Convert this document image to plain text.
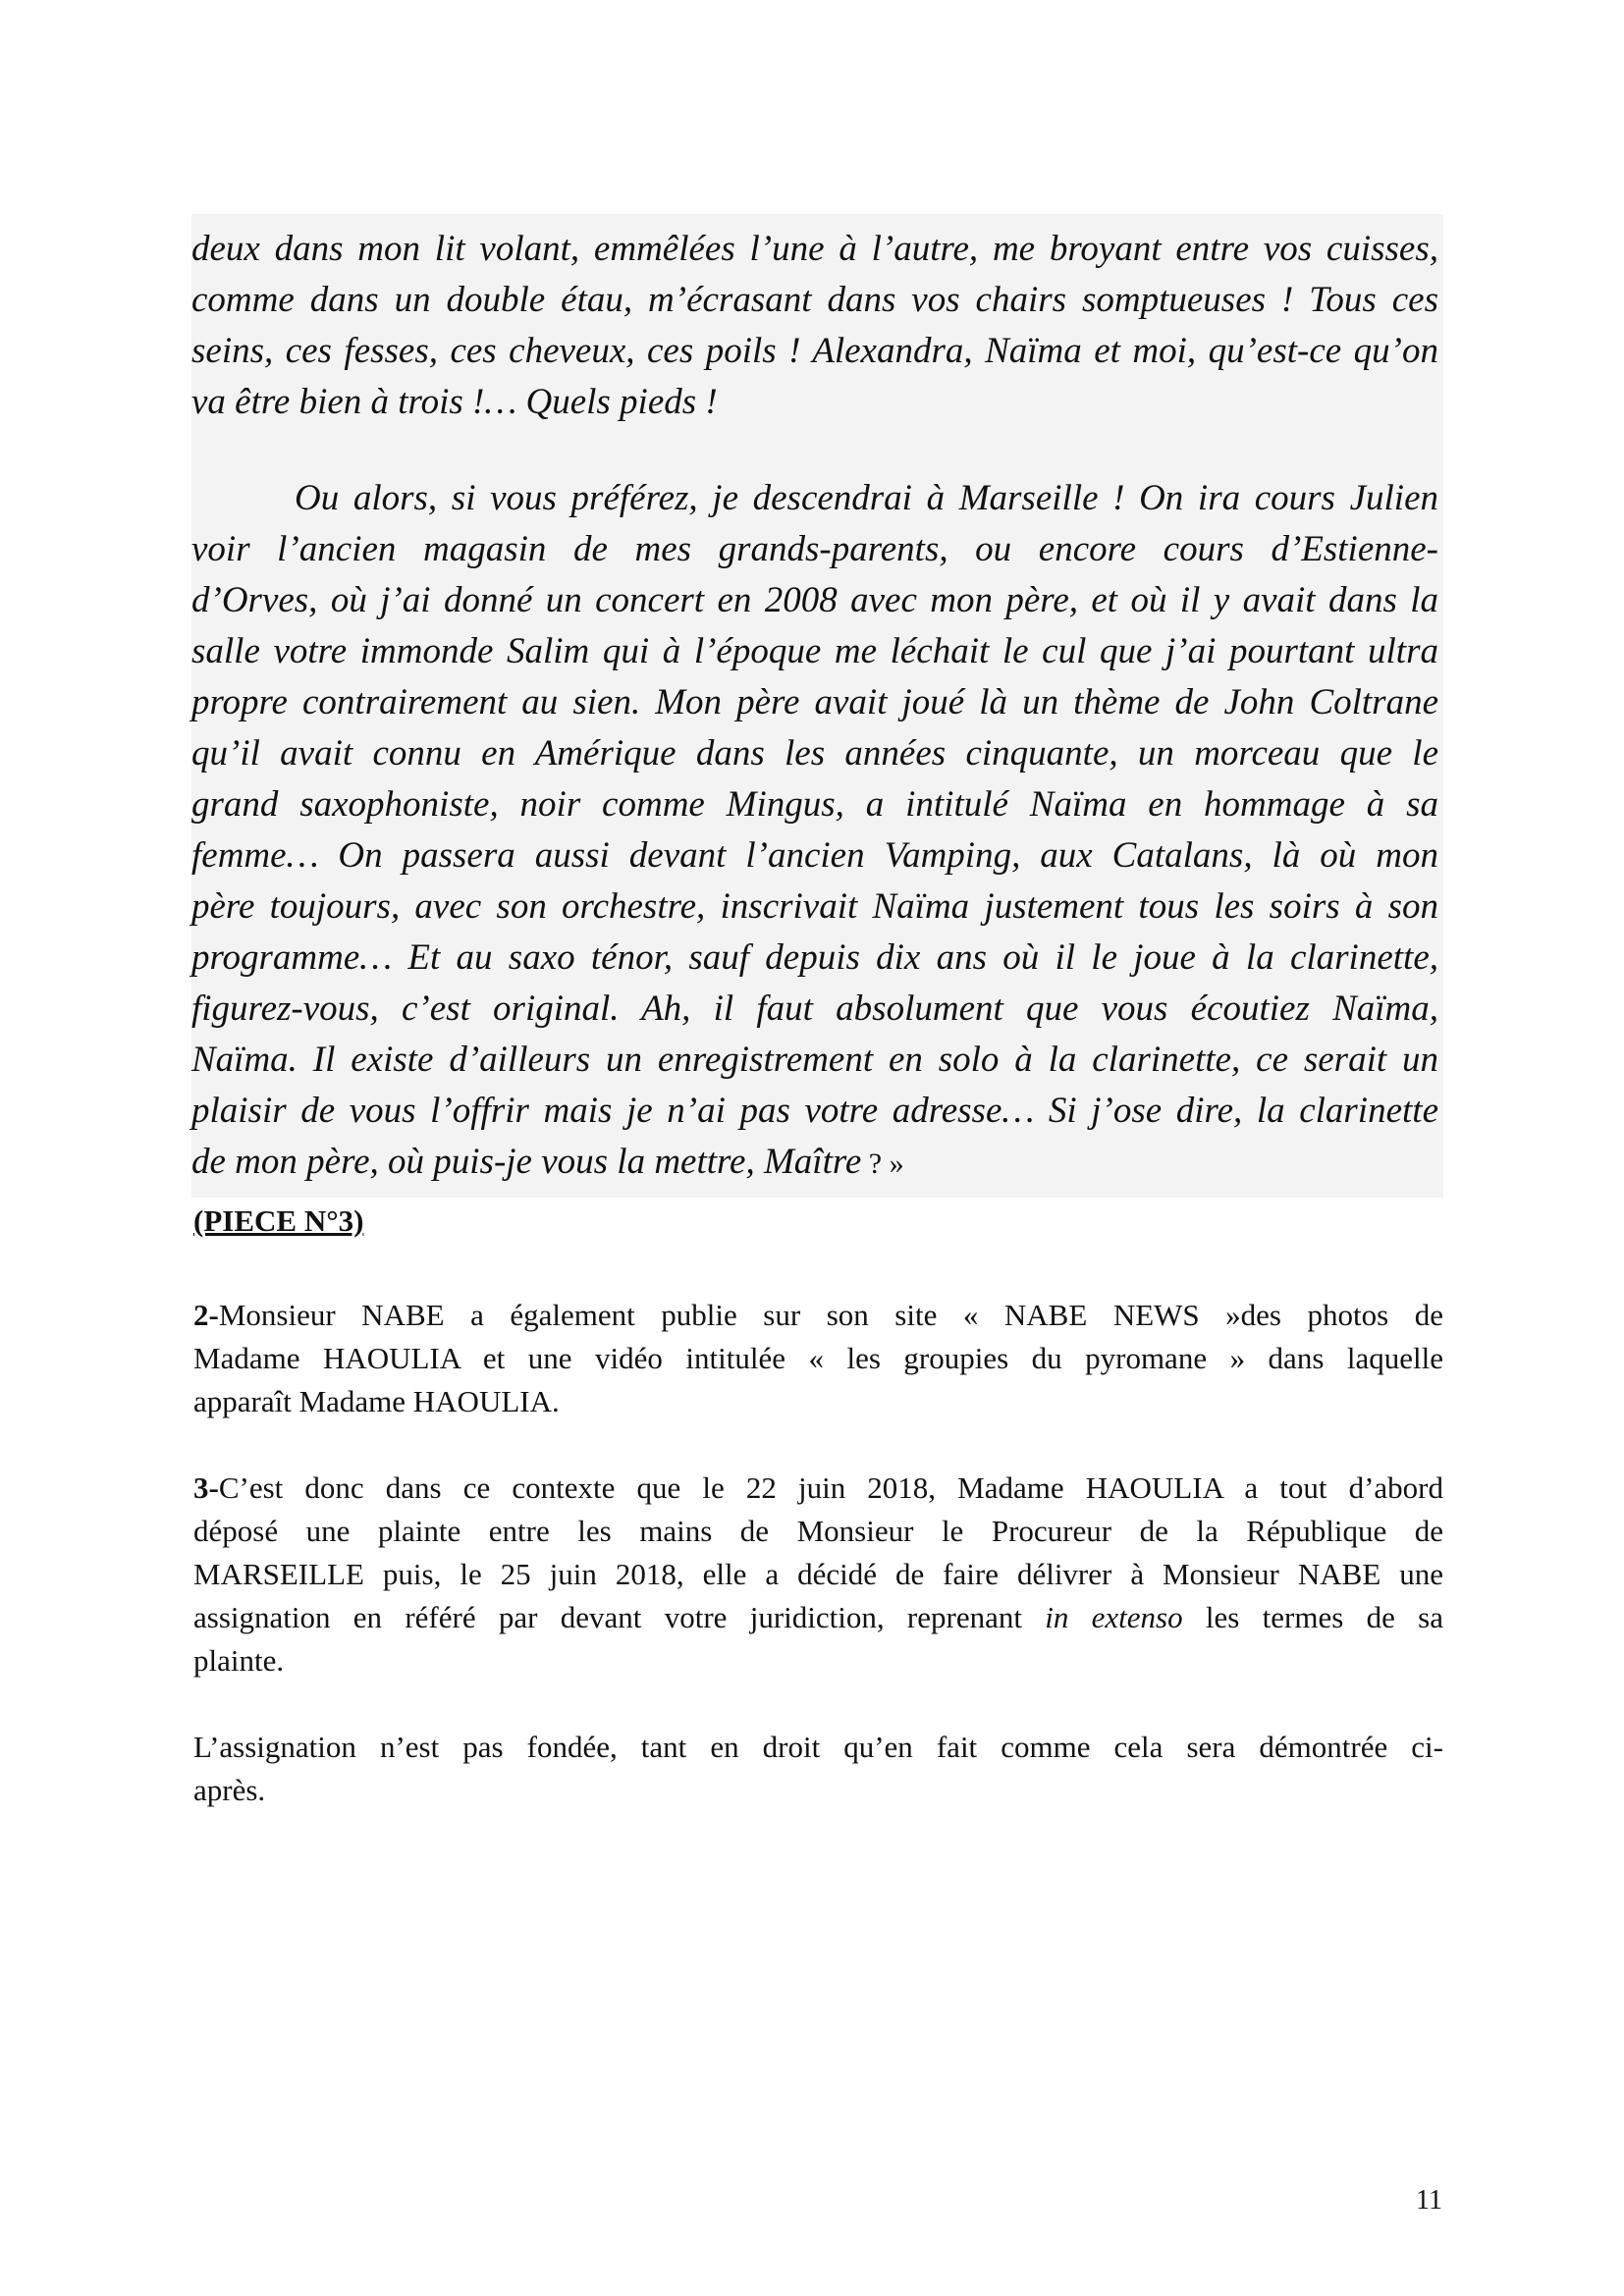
deux dans mon lit volant, emmêlées l’une à l’autre, me broyant entre vos cuisses,
comme dans un double étau, m’écrasant dans vos chairs somptueuses ! Tous ces
seins, ces fesses, ces cheveux, ces poils ! Alexandra, Naïma et moi, qu’est-ce qu’on
va être bien à trois !… Quels pieds !
Ou alors, si vous préférez, je descendrai à Marseille ! On ira cours Julien
voir l’ancien magasin de mes grands-parents, ou encore cours d’Estienne-
d’Orves, où j’ai donné un concert en 2008 avec mon père, et où il y avait dans la
salle votre immonde Salim qui à l’époque me léchait le cul que j’ai pourtant ultra
propre contrairement au sien. Mon père avait joué là un thème de John Coltrane
qu’il avait connu en Amérique dans les années cinquante, un morceau que le
grand saxophoniste, noir comme Mingus, a intitulé Naïma en hommage à sa
femme… On passera aussi devant l’ancien Vamping, aux Catalans, là où mon
père toujours, avec son orchestre, inscrivait Naïma justement tous les soirs à son
programme… Et au saxo ténor, sauf depuis dix ans où il le joue à la clarinette,
figurez-vous, c’est original. Ah, il faut absolument que vous écoutiez Naïma,
Naïma. Il existe d’ailleurs un enregistrement en solo à la clarinette, ce serait un
plaisir de vous l’offrir mais je n’ai pas votre adresse… Si j’ose dire, la clarinette
de mon père, où puis-je vous la mettre, Maître ? »
(PIECE N°3)
2-Monsieur NABE a également publie sur son site « NABE NEWS »des photos de
Madame HAOULIA et une vidéo intitulée « les groupies du pyromane » dans laquelle
apparaît Madame HAOULIA.
3-C’est donc dans ce contexte que le 22 juin 2018, Madame HAOULIA a tout d’abord
déposé une plainte entre les mains de Monsieur le Procureur de la République de
MARSEILLE puis, le 25 juin 2018, elle a décidé de faire délivrer à Monsieur NABE une
assignation en référé par devant votre juridiction, reprenant in extenso les termes de sa
plainte.
L’assignation n’est pas fondée, tant en droit qu’en fait comme cela sera démontrée ci-
après.
11
